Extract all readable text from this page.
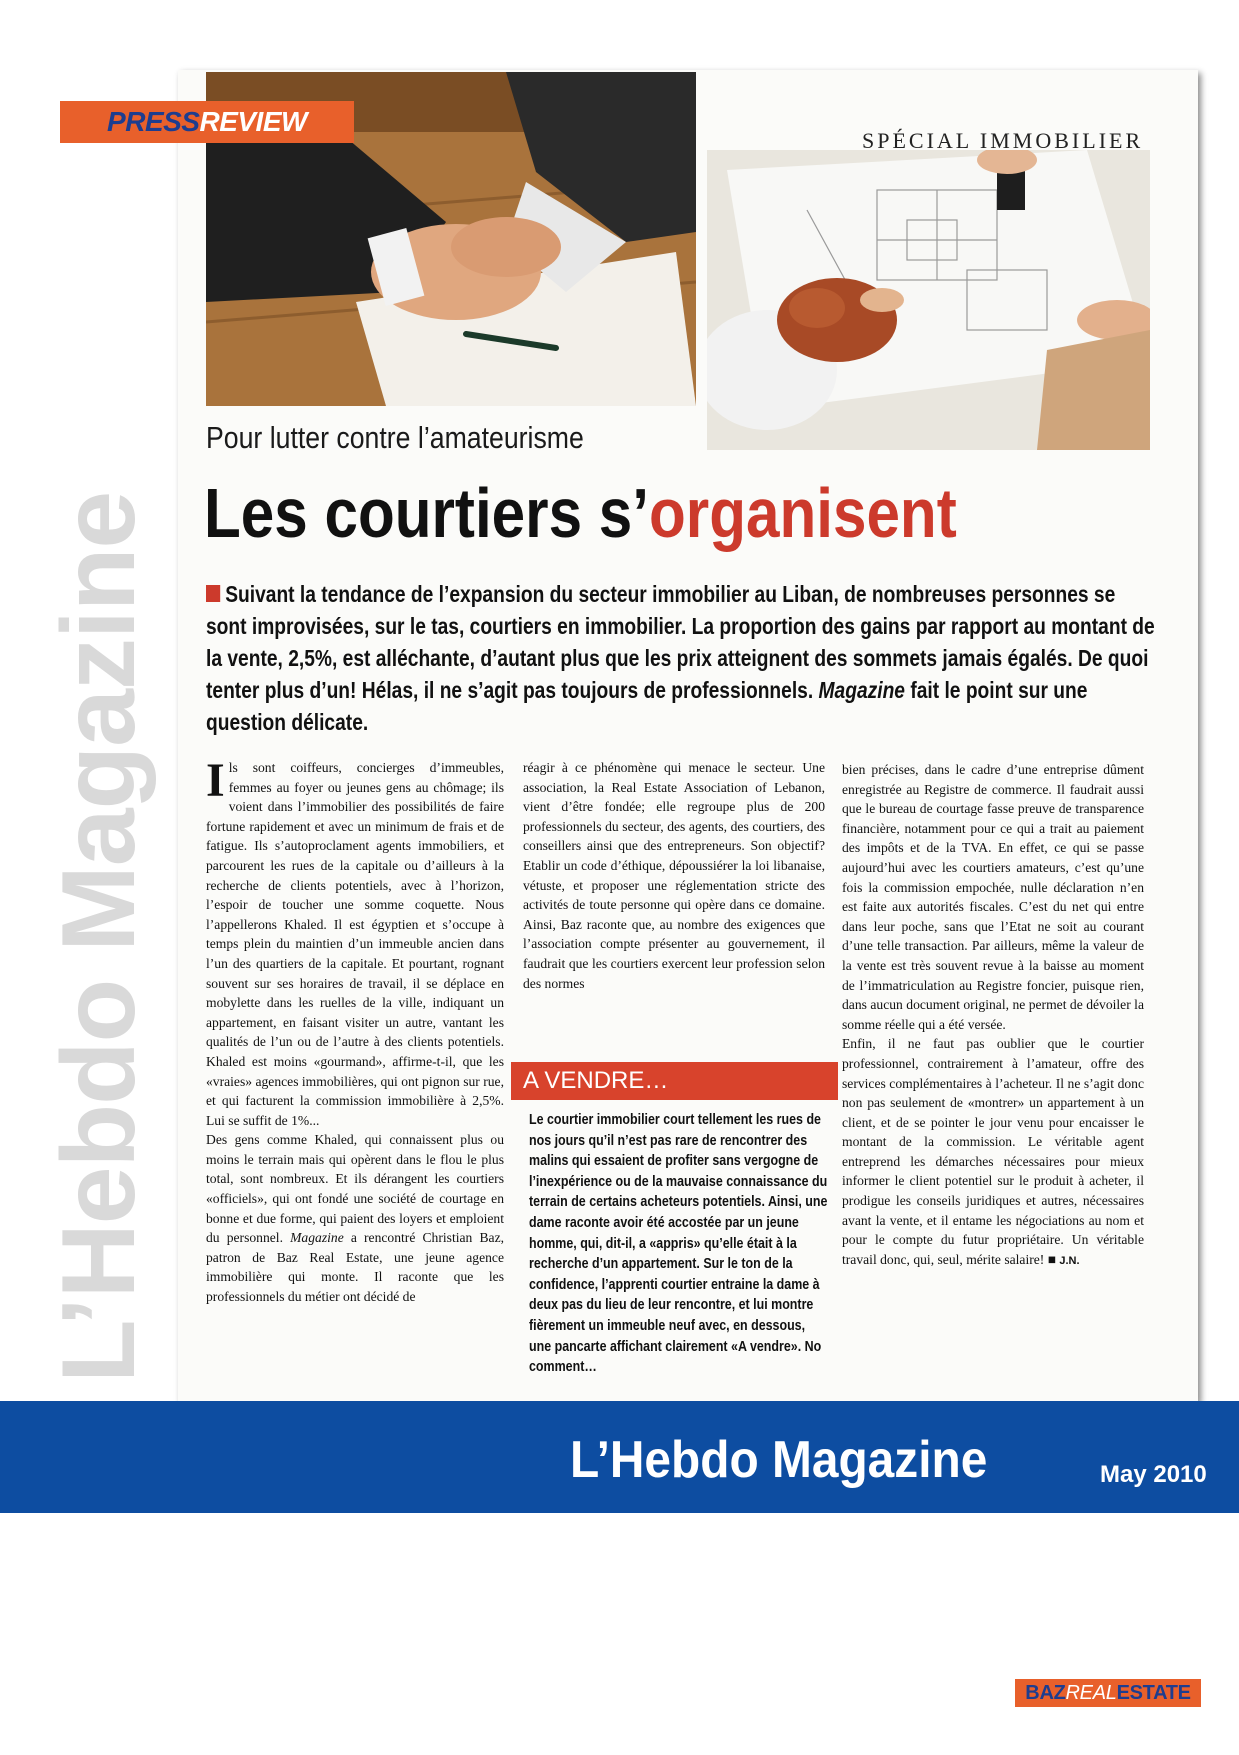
L’Hebdo Magazine
SPÉCIAL IMMOBILIER
PRESS REVIEW
Pour lutter contre l’amateurisme
Les courtiers s’organisent
Suivant la tendance de l’expansion du secteur immobilier au Liban, de nombreuses personnes se sont improvisées, sur le tas, courtiers en immobilier. La proportion des gains par rapport au montant de la vente, 2,5%, est alléchante, d’autant plus que les prix atteignent des sommets jamais égalés. De quoi tenter plus d’un! Hélas, il ne s’agit pas toujours de professionnels. Magazine fait le point sur une question délicate.

Ils sont coiffeurs, concierges d’immeubles, femmes au foyer ou jeunes gens au chômage; ils voient dans l’immobilier des possibilités de faire fortune rapidement et avec un minimum de frais et de fatigue. Ils s’autoproclament agents immobiliers, et parcourent les rues de la capitale ou d’ailleurs à la recherche de clients potentiels, avec à l’horizon, l’espoir de toucher une somme coquette. Nous l’appellerons Khaled. Il est égyptien et s’occupe à temps plein du maintien d’un immeuble ancien dans l’un des quartiers de la capitale. Et pourtant, rognant souvent sur ses horaires de travail, il se déplace en mobylette dans les ruelles de la ville, indiquant un appartement, en faisant visiter un autre, vantant les qualités de l’un ou de l’autre à des clients potentiels. Khaled est moins «gourmand», affirme-t-il, que les «vraies» agences immobilières, qui ont pignon sur rue, et qui facturent la commission immobilière à 2,5%. Lui se suffit de 1%...

Des gens comme Khaled, qui connaissent plus ou moins le terrain mais qui opèrent dans le flou le plus total, sont nombreux. Et ils dérangent les courtiers «officiels», qui ont fondé une société de courtage en bonne et due forme, qui paient des loyers et emploient du personnel. Magazine a rencontré Christian Baz, patron de Baz Real Estate, une jeune agence immobilière qui monte. Il raconte que les professionnels du métier ont décidé de

réagir à ce phénomène qui menace le secteur. Une association, la Real Estate Association of Lebanon, vient d’être fondée; elle regroupe plus de 200 professionnels du secteur, des agents, des courtiers, des conseillers ainsi que des entrepreneurs. Son objectif? Etablir un code d’éthique, dépoussiérer la loi libanaise, vétuste, et proposer une réglementation stricte des activités de toute personne qui opère dans ce domaine. Ainsi, Baz raconte que, au nombre des exigences que l’association compte présenter au gouvernement, il faudrait que les courtiers exercent leur profession selon des normes

A VENDRE…
Le courtier immobilier court tellement les rues de nos jours qu’il n’est pas rare de rencontrer des malins qui essaient de profiter sans vergogne de l’inexpérience ou de la mauvaise connaissance du terrain de certains acheteurs potentiels. Ainsi, une dame raconte avoir été accostée par un jeune homme, qui, dit-il, a «appris» qu’elle était à la recherche d’un appartement. Sur le ton de la confidence, l’apprenti courtier entraine la dame à deux pas du lieu de leur rencontre, et lui montre fièrement un immeuble neuf avec, en dessous, une pancarte affichant clairement «A vendre». No comment…

bien précises, dans le cadre d’une entreprise dûment enregistrée au Registre de commerce. Il faudrait aussi que le bureau de courtage fasse preuve de transparence financière, notamment pour ce qui a trait au paiement des impôts et de la TVA. En effet, ce qui se passe aujourd’hui avec les courtiers amateurs, c’est qu’une fois la commission empochée, nulle déclaration n’en est faite aux autorités fiscales. C’est du net qui entre dans leur poche, sans que l’Etat ne soit au courant d’une telle transaction. Par ailleurs, même la valeur de la vente est très souvent revue à la baisse au moment de l’immatriculation au Registre foncier, puisque rien, dans aucun document original, ne permet de dévoiler la somme réelle qui a été versée.

Enfin, il ne faut pas oublier que le courtier professionnel, contrairement à l’amateur, offre des services complémentaires à l’acheteur. Il ne s’agit donc non pas seulement de «montrer» un appartement à un client, et de se pointer le jour venu pour encaisser le montant de la commission. Le véritable agent entreprend les démarches nécessaires pour mieux informer le client potentiel sur le produit à acheter, il prodigue les conseils juridiques et autres, nécessaires avant la vente, et il entame les négociations au nom et pour le compte du futur propriétaire. Un véritable travail donc, qui, seul, mérite salaire! ■ J.N.

L’Hebdo Magazine	May 2010
BAZ REAL ESTATE
